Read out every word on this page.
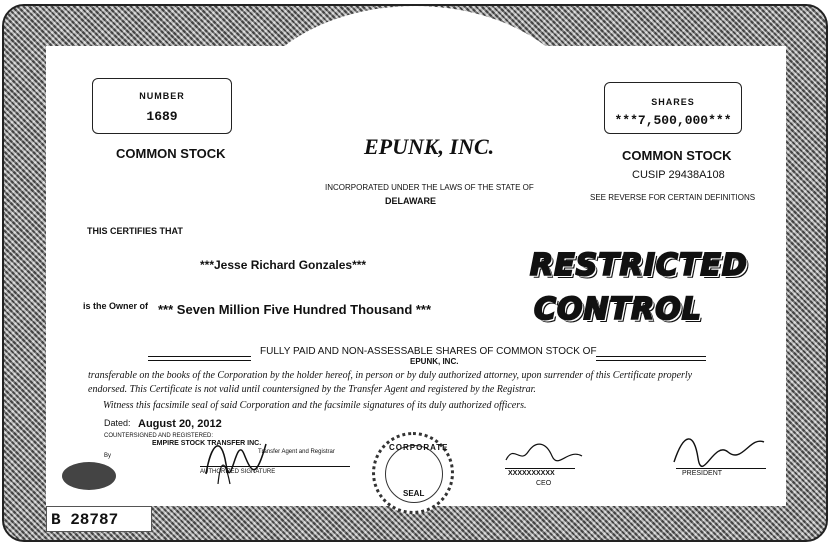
NUMBER
1689
SHARES
***7,500,000***
COMMON STOCK	COMMON STOCK
EPUNK, INC.
CUSIP 29438A108
INCORPORATED UNDER THE LAWS OF THE STATE OF
DELAWARE	SEE REVERSE FOR CERTAIN DEFINITIONS
THIS CERTIFIES THAT
***Jesse Richard Gonzales***
is the Owner of *** Seven Million Five Hundred Thousand ***
RESTRICTED
CONTROL
FULLY PAID AND NON-ASSESSABLE SHARES OF COMMON STOCK OF
EPUNK, INC.
transferable on the books of the Corporation by the holder hereof, in person or by duly authorized attorney, upon surrender of this Certificate properly
endorsed. This Certificate is not valid until countersigned by the Transfer Agent and registered by the Registrar.
Witness this facsimile seal of said Corporation and the facsimile signatures of its duly authorized officers.
Dated: August 20, 2012
COUNTERSIGNED AND REGISTERED:
EMPIRE STOCK TRANSFER INC.
Transfer Agent and Registrar
By
AUTHORIZED SIGNATURE
CORPORATE
SEAL
XXXXXXXXXX
CEO
PRESIDENT
B 28787
